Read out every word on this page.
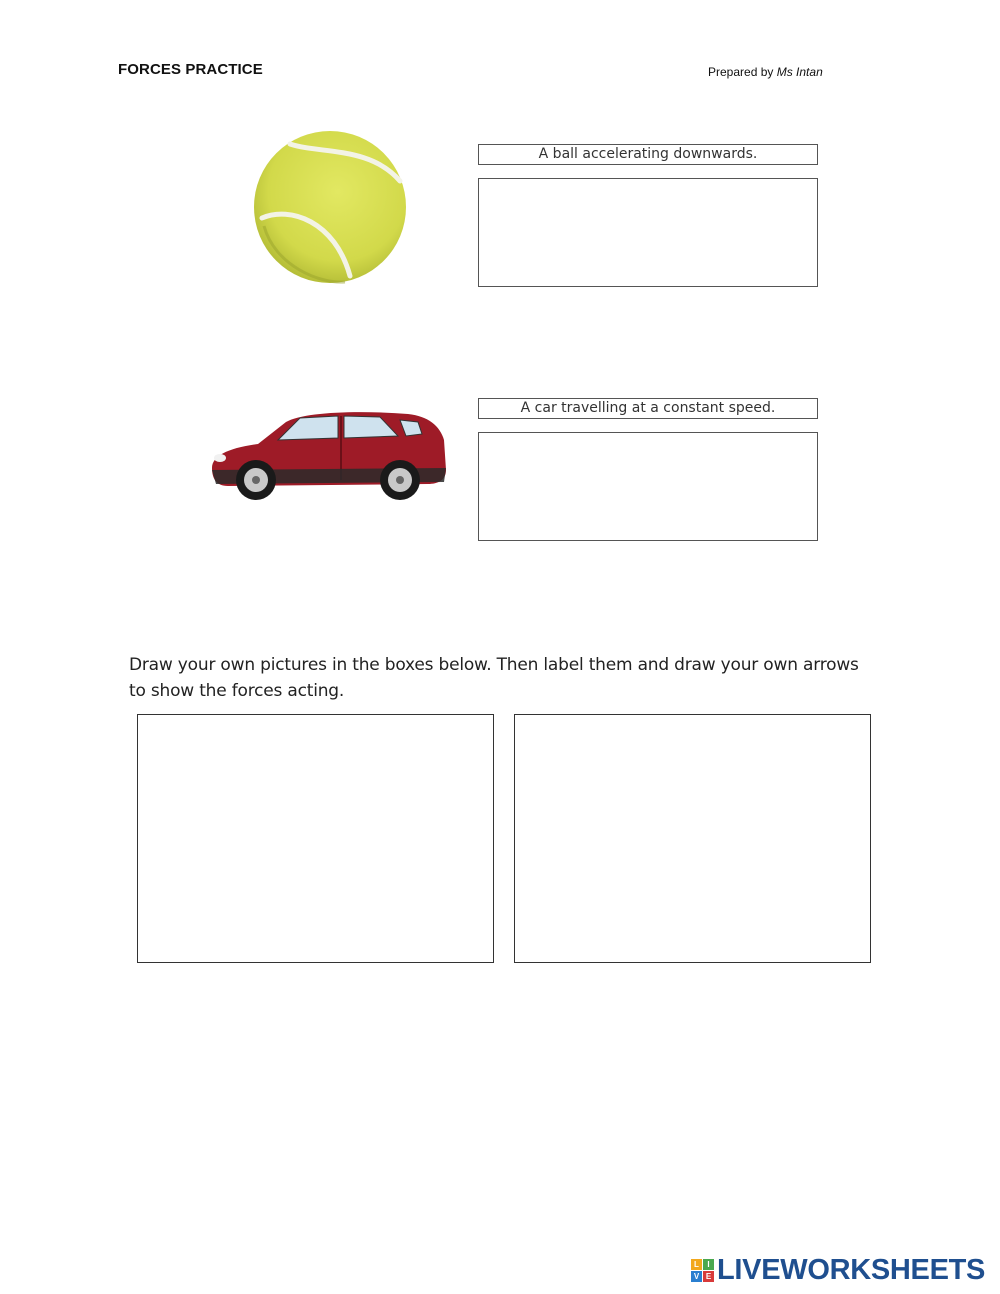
FORCES PRACTICE	Prepared by Ms Intan
A ball accelerating downwards.
A car travelling at a constant speed.
Draw your own pictures in the boxes below. Then label them and draw your own arrows
to show the forces acting.
L	I
V E LIVEWORKSHEETS
